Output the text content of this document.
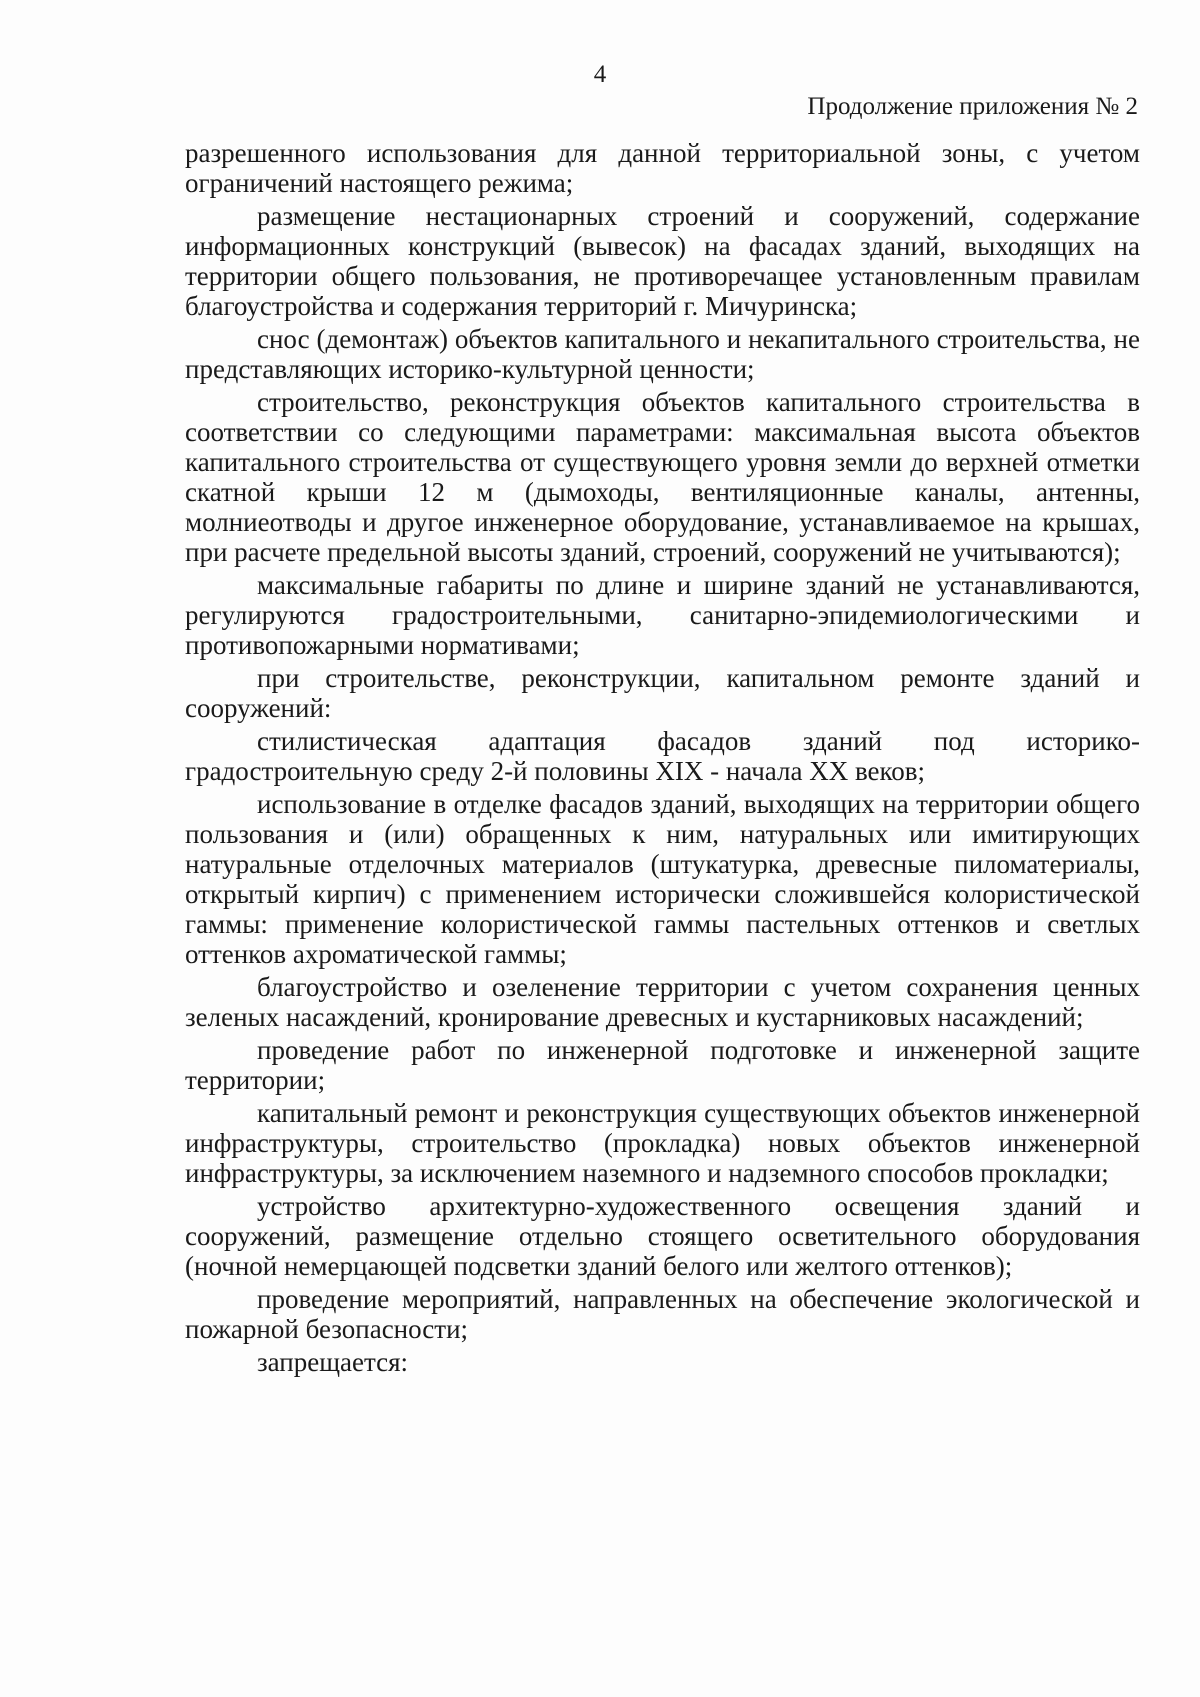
4
Продолжение приложения № 2

разрешенного использования для данной территориальной зоны, с учетом ограничений настоящего режима;

размещение нестационарных строений и сооружений, содержание информационных конструкций (вывесок) на фасадах зданий, выходящих на территории общего пользования, не противоречащее установленным правилам благоустройства и содержания территорий г. Мичуринска;

снос (демонтаж) объектов капитального и некапитального строительства, не представляющих историко-культурной ценности;

строительство, реконструкция объектов капитального строительства в соответствии со следующими параметрами: максимальная высота объектов капитального строительства от существующего уровня земли до верхней отметки скатной крыши 12 м (дымоходы, вентиляционные каналы, антенны, молниеотводы и другое инженерное оборудование, устанавливаемое на крышах, при расчете предельной высоты зданий, строений, сооружений не учитываются);

максимальные габариты по длине и ширине зданий не устанавливаются, регулируются градостроительными, санитарно-эпидемиологическими и противопожарными нормативами;

при строительстве, реконструкции, капитальном ремонте зданий и сооружений:

стилистическая адаптация фасадов зданий под историко-градостроительную среду 2-й половины XIX - начала XX веков;

использование в отделке фасадов зданий, выходящих на территории общего пользования и (или) обращенных к ним, натуральных или имитирующих натуральные отделочных материалов (штукатурка, древесные пиломатериалы, открытый кирпич) с применением исторически сложившейся колористической гаммы: применение колористической гаммы пастельных оттенков и светлых оттенков ахроматической гаммы;

благоустройство и озеленение территории с учетом сохранения ценных зеленых насаждений, кронирование древесных и кустарниковых насаждений;

проведение работ по инженерной подготовке и инженерной защите территории;

капитальный ремонт и реконструкция существующих объектов инженерной инфраструктуры, строительство (прокладка) новых объектов инженерной инфраструктуры, за исключением наземного и надземного способов прокладки;

устройство архитектурно-художественного освещения зданий и сооружений, размещение отдельно стоящего осветительного оборудования (ночной немерцающей подсветки зданий белого или желтого оттенков);

проведение мероприятий, направленных на обеспечение экологической и пожарной безопасности;

запрещается:
